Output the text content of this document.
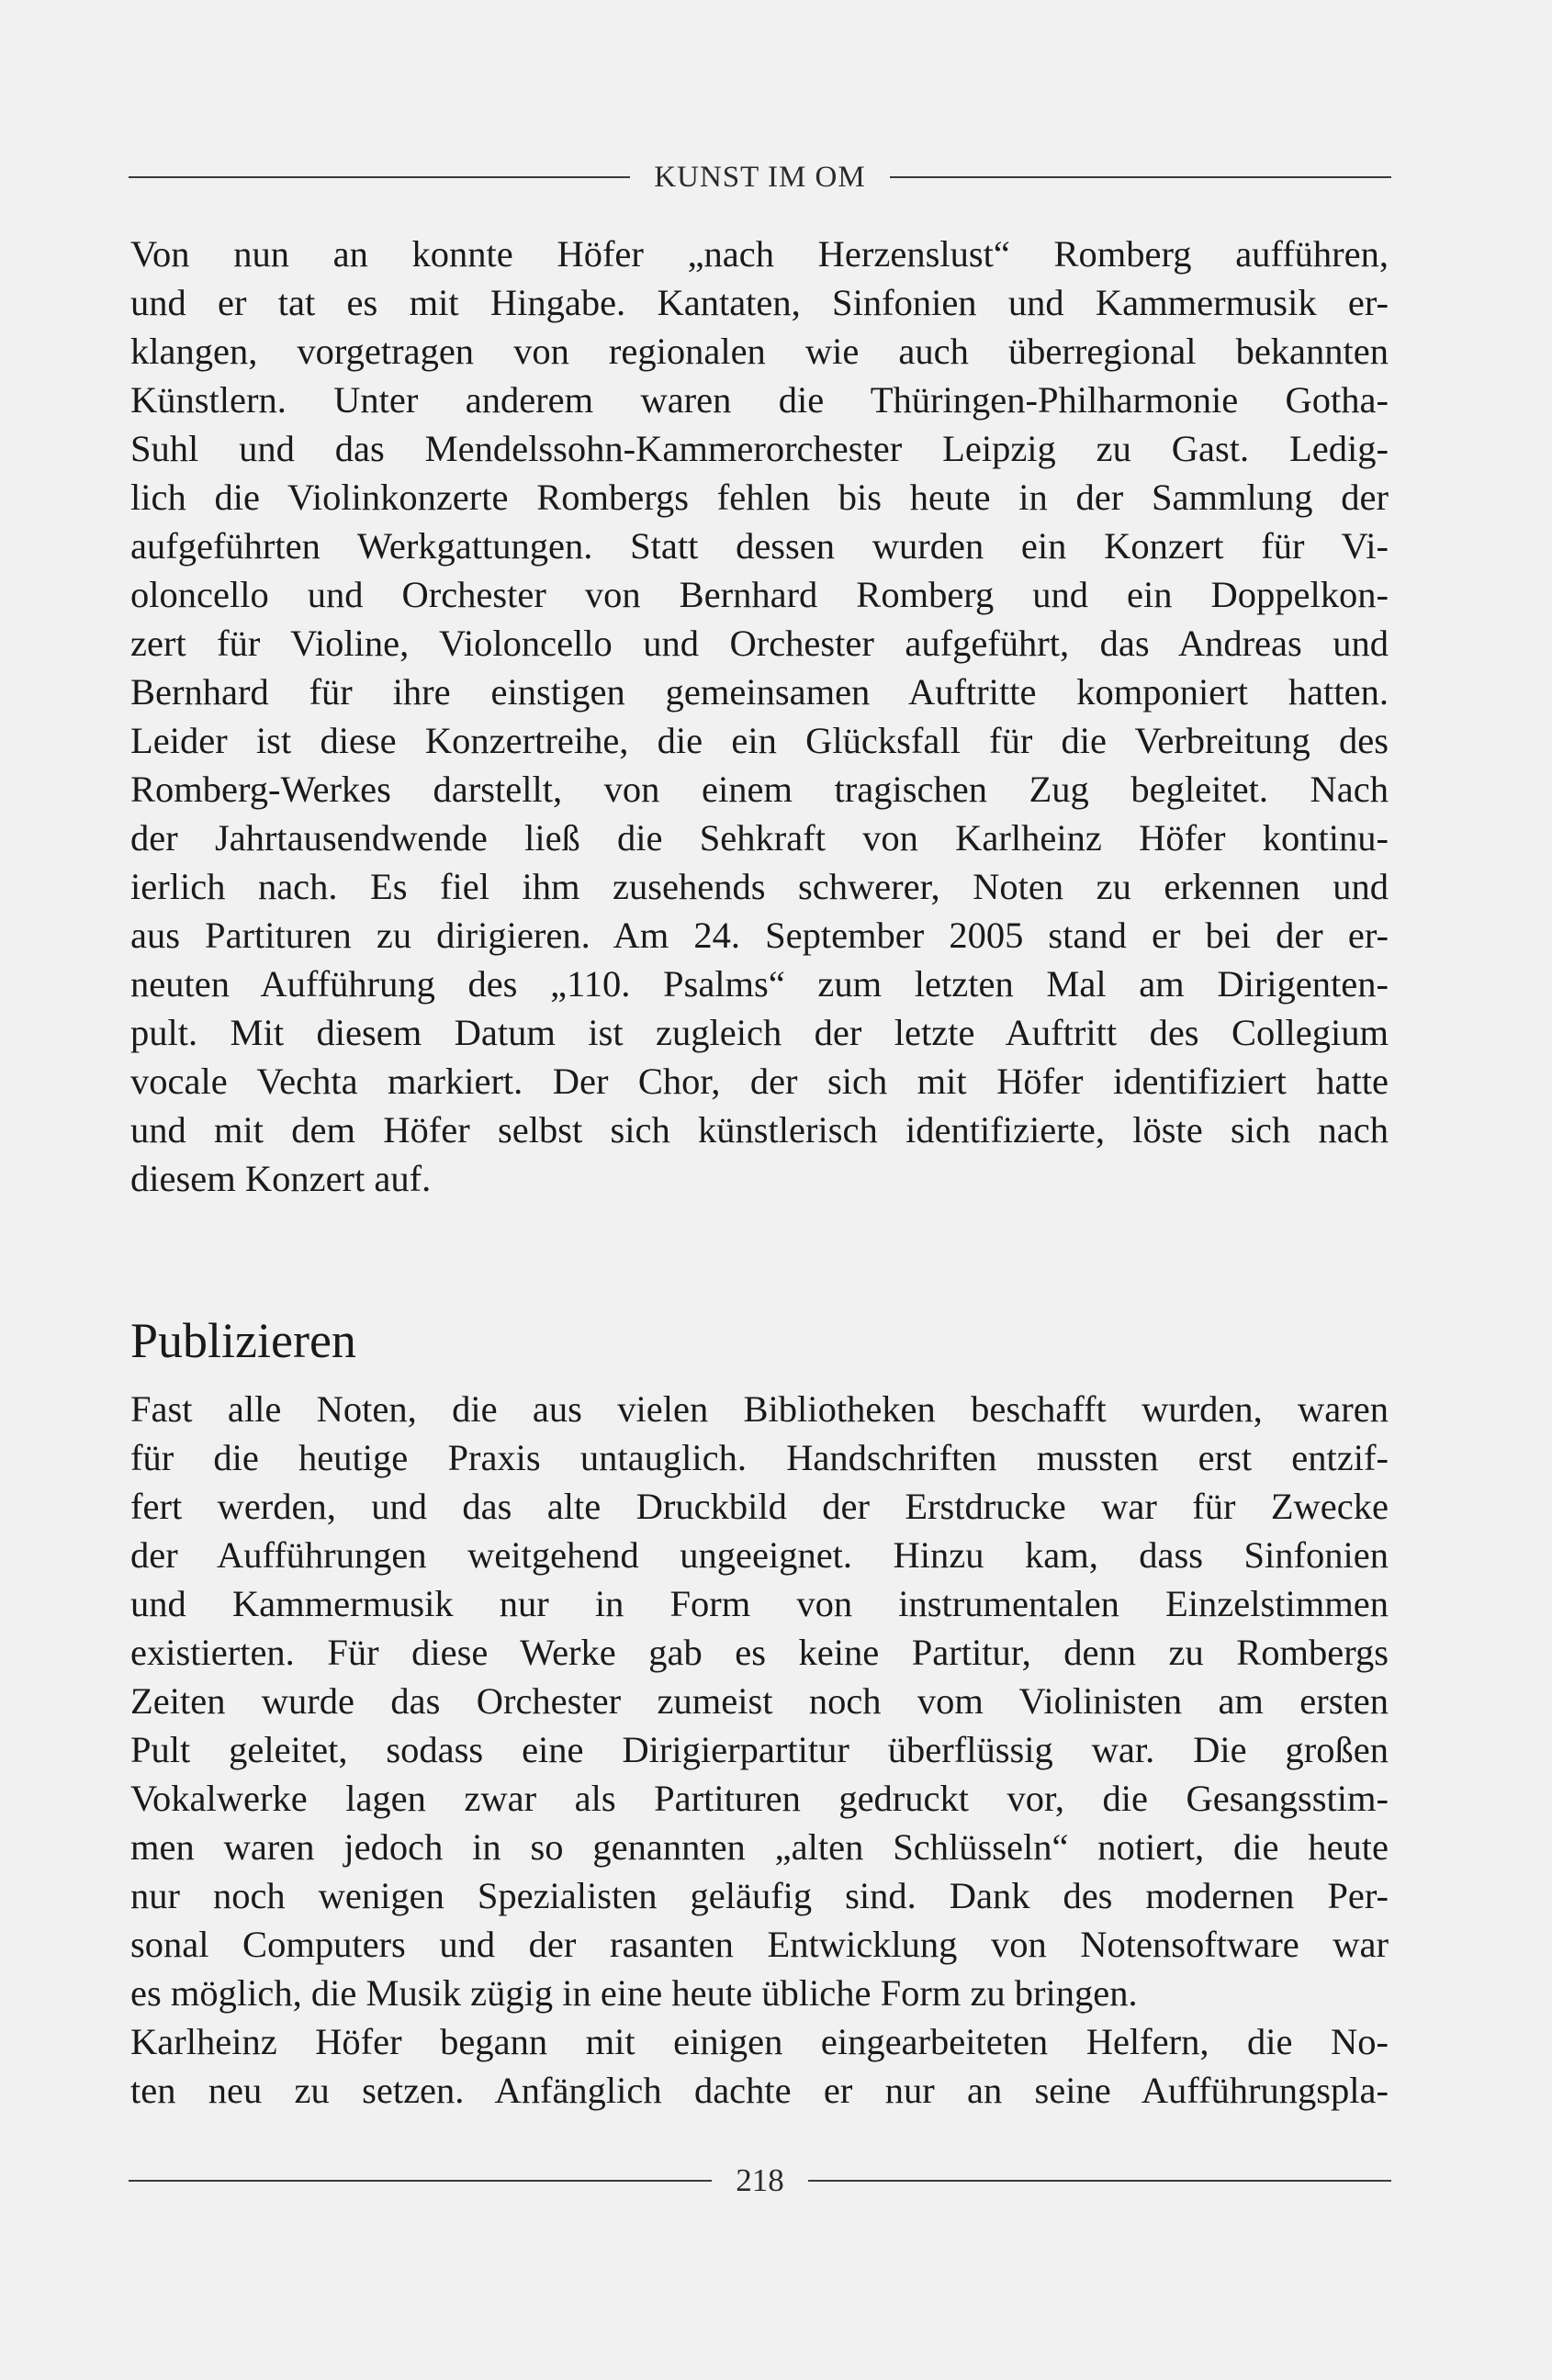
KUNST IM OM
Von nun an konnte Höfer „nach Herzenslust“ Romberg aufführen,
und er tat es mit Hingabe. Kantaten, Sinfonien und Kammermusik er-
klangen, vorgetragen von regionalen wie auch überregional bekannten
Künstlern. Unter anderem waren die Thüringen-Philharmonie Gotha-
Suhl und das Mendelssohn-Kammerorchester Leipzig zu Gast. Ledig-
lich die Violinkonzerte Rombergs fehlen bis heute in der Sammlung der
aufgeführten Werkgattungen. Statt dessen wurden ein Konzert für Vi-
oloncello und Orchester von Bernhard Romberg und ein Doppelkon-
zert für Violine, Violoncello und Orchester aufgeführt, das Andreas und
Bernhard für ihre einstigen gemeinsamen Auftritte komponiert hatten.
Leider ist diese Konzertreihe, die ein Glücksfall für die Verbreitung des
Romberg-Werkes darstellt, von einem tragischen Zug begleitet. Nach
der Jahrtausendwende ließ die Sehkraft von Karlheinz Höfer kontinu-
ierlich nach. Es fiel ihm zusehends schwerer, Noten zu erkennen und
aus Partituren zu dirigieren. Am 24. September 2005 stand er bei der er-
neuten Aufführung des „110. Psalms“ zum letzten Mal am Dirigenten-
pult. Mit diesem Datum ist zugleich der letzte Auftritt des Collegium
vocale Vechta markiert. Der Chor, der sich mit Höfer identifiziert hatte
und mit dem Höfer selbst sich künstlerisch identifizierte, löste sich nach
diesem Konzert auf.
Publizieren
Fast alle Noten, die aus vielen Bibliotheken beschafft wurden, waren
für die heutige Praxis untauglich. Handschriften mussten erst entzif-
fert werden, und das alte Druckbild der Erstdrucke war für Zwecke
der Aufführungen weitgehend ungeeignet. Hinzu kam, dass Sinfonien
und Kammermusik nur in Form von instrumentalen Einzelstimmen
existierten. Für diese Werke gab es keine Partitur, denn zu Rombergs
Zeiten wurde das Orchester zumeist noch vom Violinisten am ersten
Pult geleitet, sodass eine Dirigierpartitur überflüssig war. Die großen
Vokalwerke lagen zwar als Partituren gedruckt vor, die Gesangsstim-
men waren jedoch in so genannten „alten Schlüsseln“ notiert, die heute
nur noch wenigen Spezialisten geläufig sind. Dank des modernen Per-
sonal Computers und der rasanten Entwicklung von Notensoftware war
es möglich, die Musik zügig in eine heute übliche Form zu bringen.
Karlheinz Höfer begann mit einigen eingearbeiteten Helfern, die No-
ten neu zu setzen. Anfänglich dachte er nur an seine Aufführungspla-
218
